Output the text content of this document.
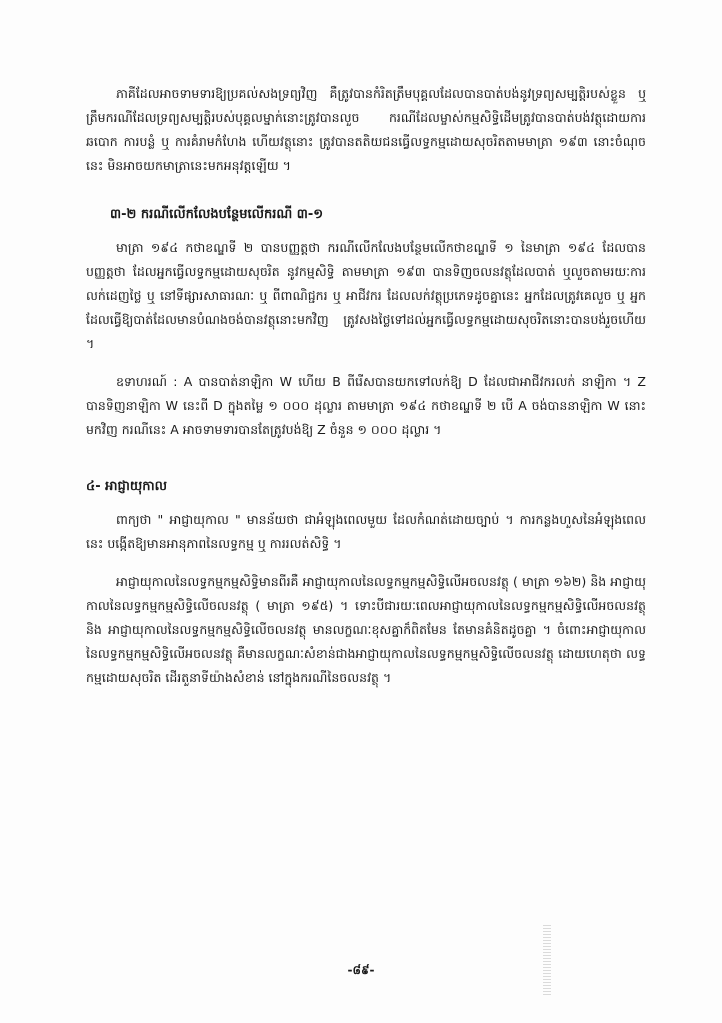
ភាគីដែលអាចទាមទារឱ្យប្រគល់សងទ្រព្យវិញ គឺត្រូវបានកំរិតត្រឹមបុគ្គលដែលបានបាត់បង់នូវទ្រព្យសម្បត្តិរបស់ខ្លួន ឬ ត្រឹមករណីដែលទ្រព្យសម្បត្តិរបស់បុគ្គលម្នាក់នោះត្រូវបានលួច ករណីដែលម្ចាស់កម្មសិទ្ធិដើមត្រូវបានបាត់បង់វត្ថុដោយការឆបោក ការបន្លំ ឬ ការគំរាមកំហែង ហើយវត្ថុនោះ ត្រូវបានតតិយជនធ្វើលទ្ធកម្មដោយសុចរិតតាមមាត្រា ១៩៣ នោះចំណុចនេះ មិនអាចយកមាត្រានេះមកអនុវត្តឡើយ ។

៣-២ ករណីលើកលែងបន្ថែមលើករណី ៣-១

មាត្រា ១៩៤ កថាខណ្ឌទី ២ បានបញ្ញត្តថា ករណីលើកលែងបន្ថែមលើកថាខណ្ឌទី ១ នៃមាត្រា ១៩៤ ដែលបានបញ្ញត្តថា ដែលអ្នកធ្វើលទ្ធកម្មដោយសុចរិត នូវកម្មសិទ្ធិ តាមមាត្រា ១៩៣ បានទិញចលនវត្ថុដែលបាត់ ឬលួចតាមរយៈការលក់ដេញថ្លៃ ឬ នៅទីផ្សារសាធារណៈ ឬ ពីពាណិជ្ជករ ឬ អាជីវករ ដែលលក់វត្ថុប្រភេទដូចគ្នានេះ អ្នកដែលត្រូវគេលួច ឬ អ្នកដែលធ្វើឱ្យបាត់ដែលមានបំណងចង់បានវត្ថុនោះមកវិញ ត្រូវសងថ្លៃទៅដល់អ្នកធ្វើលទ្ធកម្មដោយសុចរិតនោះបានបង់រួចហើយ ។

ឧទាហរណ៍ : A បានបាត់នាឡិកា W ហើយ B ពីរើសបានយកទៅលក់ឱ្យ D ដែលជាអាជីវករលក់ នាឡិកា ។ Z បានទិញនាឡិកា W នេះពី D ក្នុងតម្លៃ ១ ០០០ ដុល្លារ តាមមាត្រា ១៩៤ កថាខណ្ឌទី ២ បើ A ចង់បាននាឡិកា W នោះមកវិញ ករណីនេះ A អាចទាមទារបានតែត្រូវបង់ឱ្យ Z ចំនួន ១ ០០០ ដុល្លារ ។

៤- អាជ្ញាយុកាល

ពាក្យថា " អាជ្ញាយុកាល " មានន័យថា ជាអំឡុងពេលមួយ ដែលកំណត់ដោយច្បាប់ ។ ការកន្លងហួសនៃអំឡុងពេលនេះ បង្កើតឱ្យមានអានុភាពនៃលទ្ធកម្ម ឬ ការរលត់សិទ្ធិ ។

អាជ្ញាយុកាលនៃលទ្ធកម្មកម្មសិទ្ធិមានពីរគឺ អាជ្ញាយុកាលនៃលទ្ធកម្មកម្មសិទ្ធិលើអចលនវត្ថុ ( មាត្រា ១៦២) និង អាជ្ញាយុកាលនៃលទ្ធកម្មកម្មសិទ្ធិលើចលនវត្ថុ ( មាត្រា ១៩៥) ។ ទោះបីជារយៈពេលអាជ្ញាយុកាលនៃលទ្ធកម្មកម្មសិទ្ធិលើអចលនវត្ថុ និង អាជ្ញាយុកាលនៃលទ្ធកម្មកម្មសិទ្ធិលើចលនវត្ថុ មានលក្ខណៈខុសគ្នាក៏ពិតមែន តែមានគំនិតដូចគ្នា ។ ចំពោះអាជ្ញាយុកាលនៃលទ្ធកម្មកម្មសិទ្ធិលើអចលនវត្ថុ គឺមានលក្ខណៈសំខាន់ជាងអាជ្ញាយុកាលនៃលទ្ធកម្មកម្មសិទ្ធិលើចលនវត្ថុ ដោយហេតុថា លទ្ធកម្មដោយសុចរិត ដើរតួនាទីយ៉ាងសំខាន់ នៅក្នុងករណីនៃចលនវត្ថុ ។

-៨៩-
